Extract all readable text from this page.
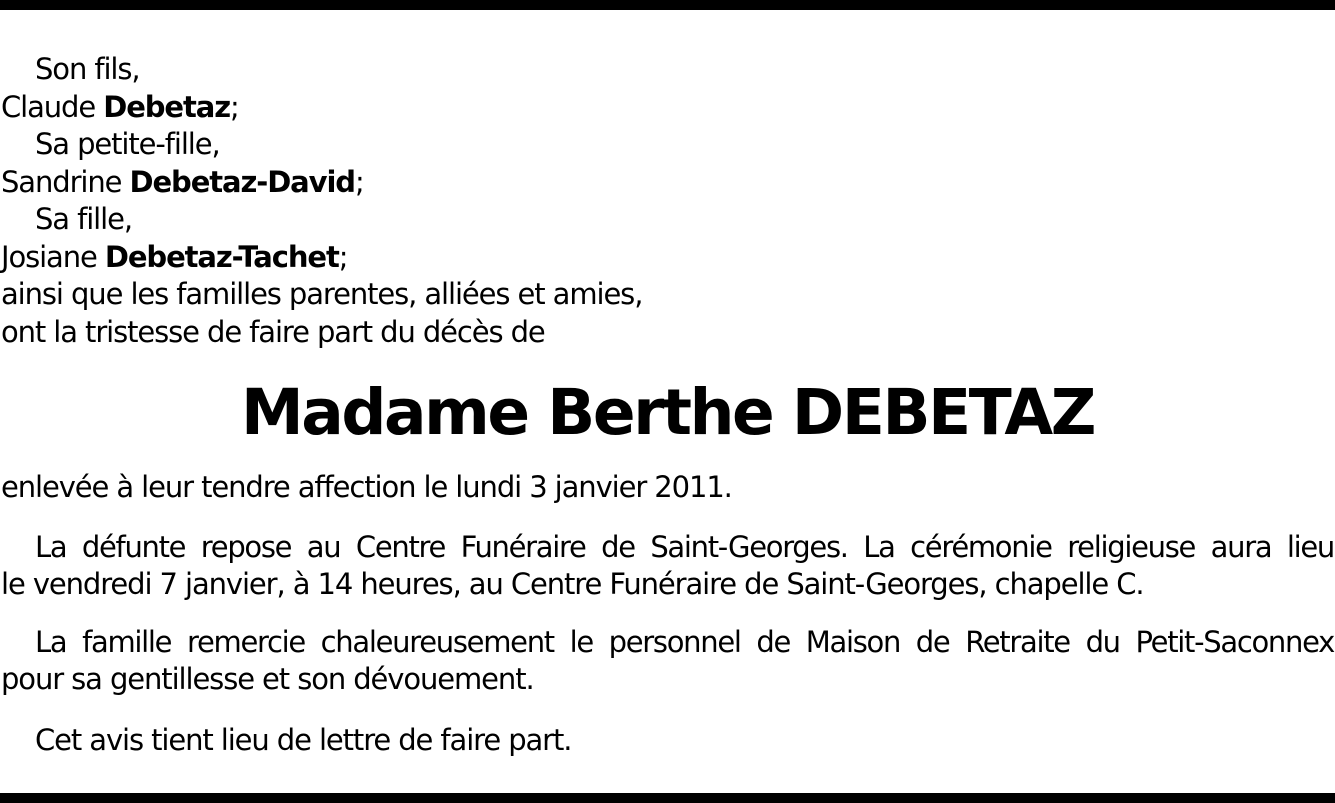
Son fils,
Claude Debetaz;
Sa petite-fille,
Sandrine Debetaz-David;
Sa fille,
Josiane Debetaz-Tachet;
ainsi que les familles parentes, alliées et amies,
ont la tristesse de faire part du décès de
Madame Berthe DEBETAZ
enlevée à leur tendre affection le lundi 3 janvier 2011.
La défunte repose au Centre Funéraire de Saint-Georges. La cérémonie religieuse aura lieu
le vendredi 7 janvier, à 14 heures, au Centre Funéraire de Saint-Georges, chapelle C.
La famille remercie chaleureusement le personnel de Maison de Retraite du Petit-Saconnex
pour sa gentillesse et son dévouement.
Cet avis tient lieu de lettre de faire part.
